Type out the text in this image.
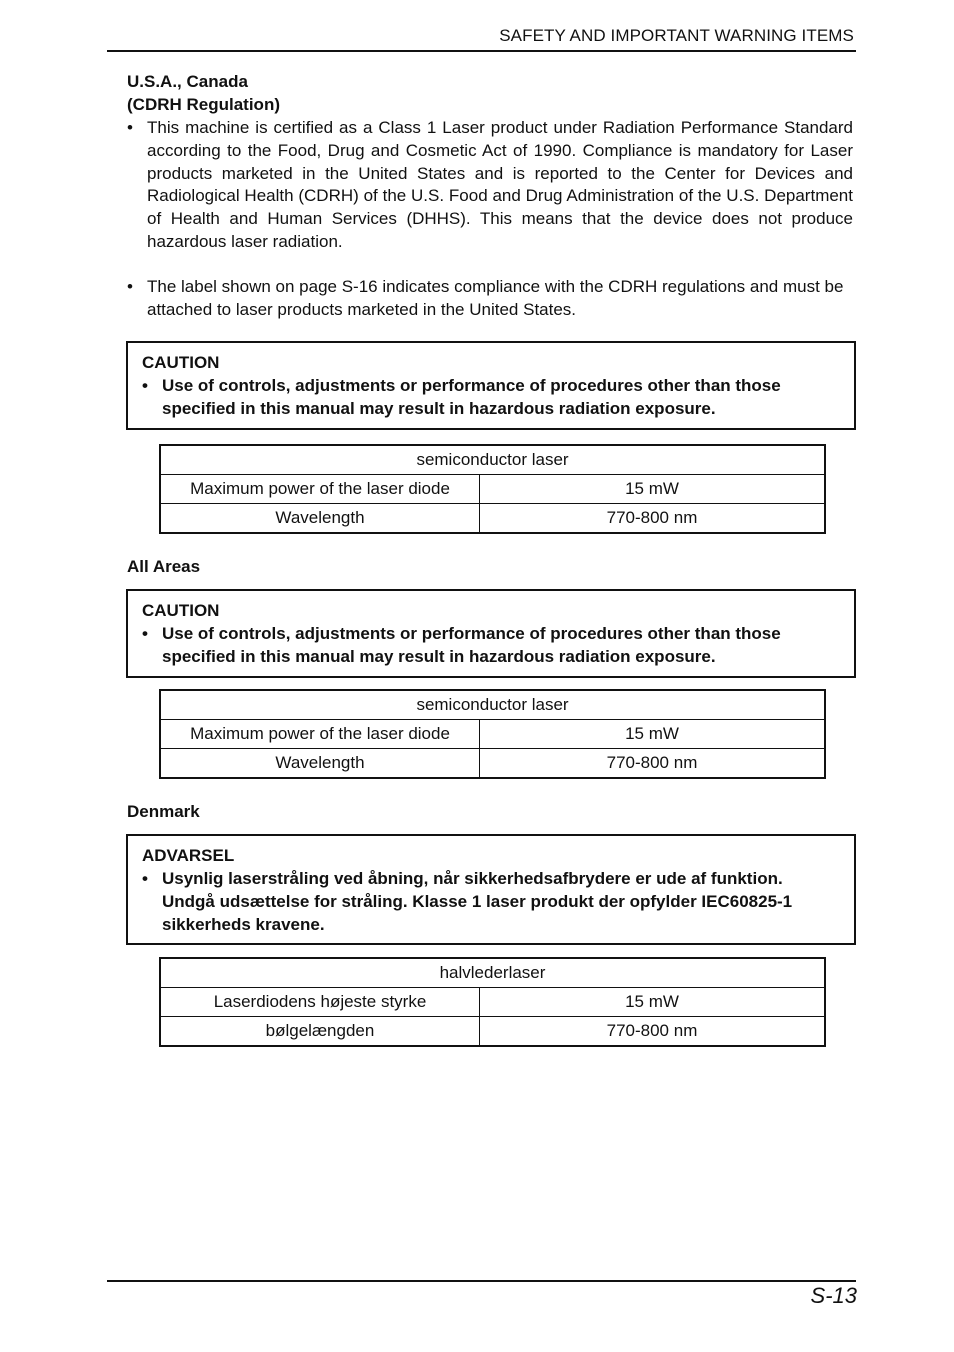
SAFETY AND IMPORTANT WARNING ITEMS
U.S.A., Canada
(CDRH Regulation)
• This machine is certified as a Class 1 Laser product under Radiation Performance Standard according to the Food, Drug and Cosmetic Act of 1990. Compliance is mandatory for Laser products marketed in the United States and is reported to the Center for Devices and Radiological Health (CDRH) of the U.S. Food and Drug Administration of the U.S. Department of Health and Human Services (DHHS). This means that the device does not produce hazardous laser radiation.
• The label shown on page S-16 indicates compliance with the CDRH regulations and must be attached to laser products marketed in the United States.
CAUTION
• Use of controls, adjustments or performance of procedures other than those specified in this manual may result in hazardous radiation exposure.
semiconductor laser	
Maximum power of the laser diode	15 mW
Wavelength	770-800 nm
All Areas
CAUTION
• Use of controls, adjustments or performance of procedures other than those specified in this manual may result in hazardous radiation exposure.
semiconductor laser	
Maximum power of the laser diode	15 mW
Wavelength	770-800 nm
Denmark
ADVARSEL
• Usynlig laserstråling ved åbning, når sikkerhedsafbrydere er ude af funktion. Undgå udsættelse for stråling. Klasse 1 laser produkt der opfylder IEC60825-1 sikkerheds kravene.
halvlederlaser	
Laserdiodens højeste styrke	15 mW
bølgelængden	770-800 nm
S-13
